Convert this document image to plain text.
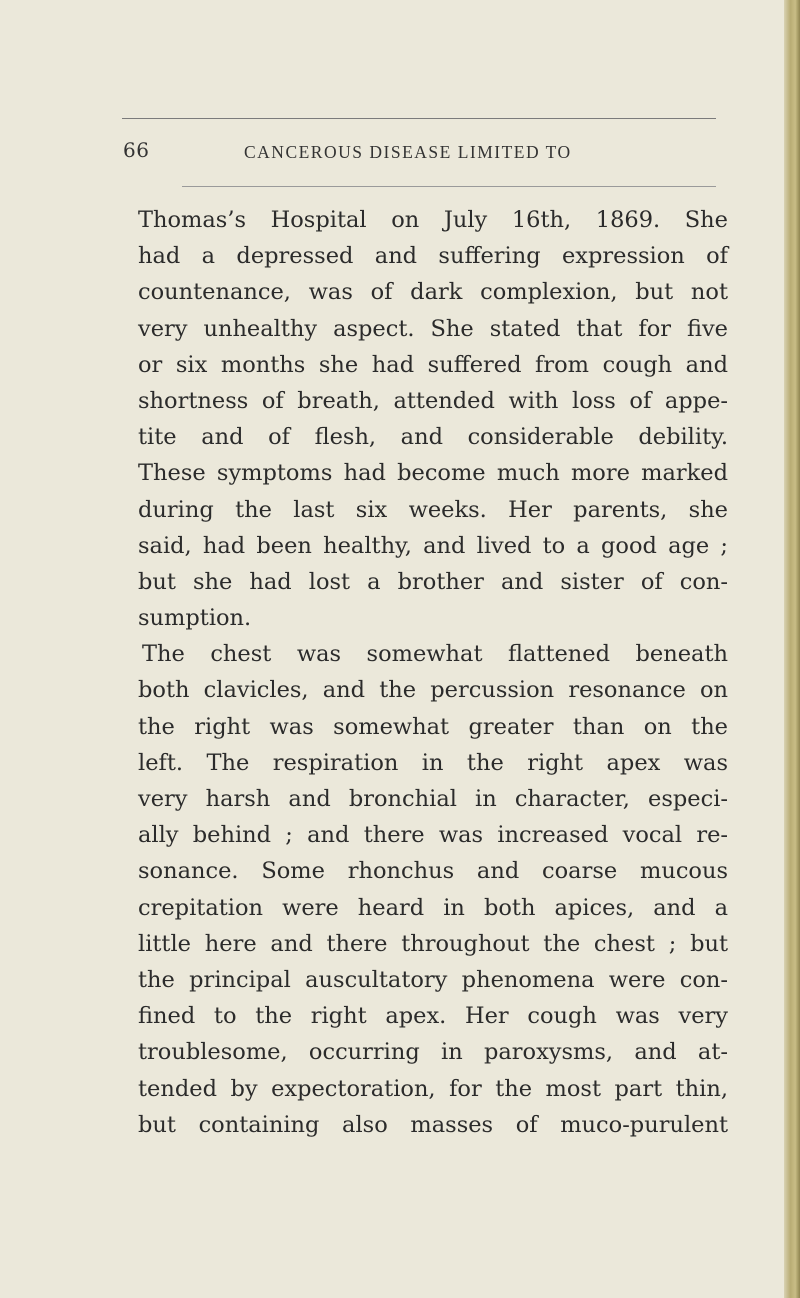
66	CANCEROUS DISEASE LIMITED TO
Thomas’s Hospital on July 16th, 1869. She
had a depressed and suffering expression of
countenance, was of dark complexion, but not
very unhealthy aspect. She stated that for five
or six months she had suffered from cough and
shortness of breath, attended with loss of appe-
tite and of flesh, and considerable debility.
These symptoms had become much more marked
during the last six weeks. Her parents, she
said, had been healthy, and lived to a good age ;
but she had lost a brother and sister of con-
sumption.
The chest was somewhat flattened beneath
both clavicles, and the percussion resonance on
the right was somewhat greater than on the
left. The respiration in the right apex was
very harsh and bronchial in character, especi-
ally behind ; and there was increased vocal re-
sonance. Some rhonchus and coarse mucous
crepitation were heard in both apices, and a
little here and there throughout the chest ; but
the principal auscultatory phenomena were con-
fined to the right apex. Her cough was very
troublesome, occurring in paroxysms, and at-
tended by expectoration, for the most part thin,
but containing also masses of muco-purulent
